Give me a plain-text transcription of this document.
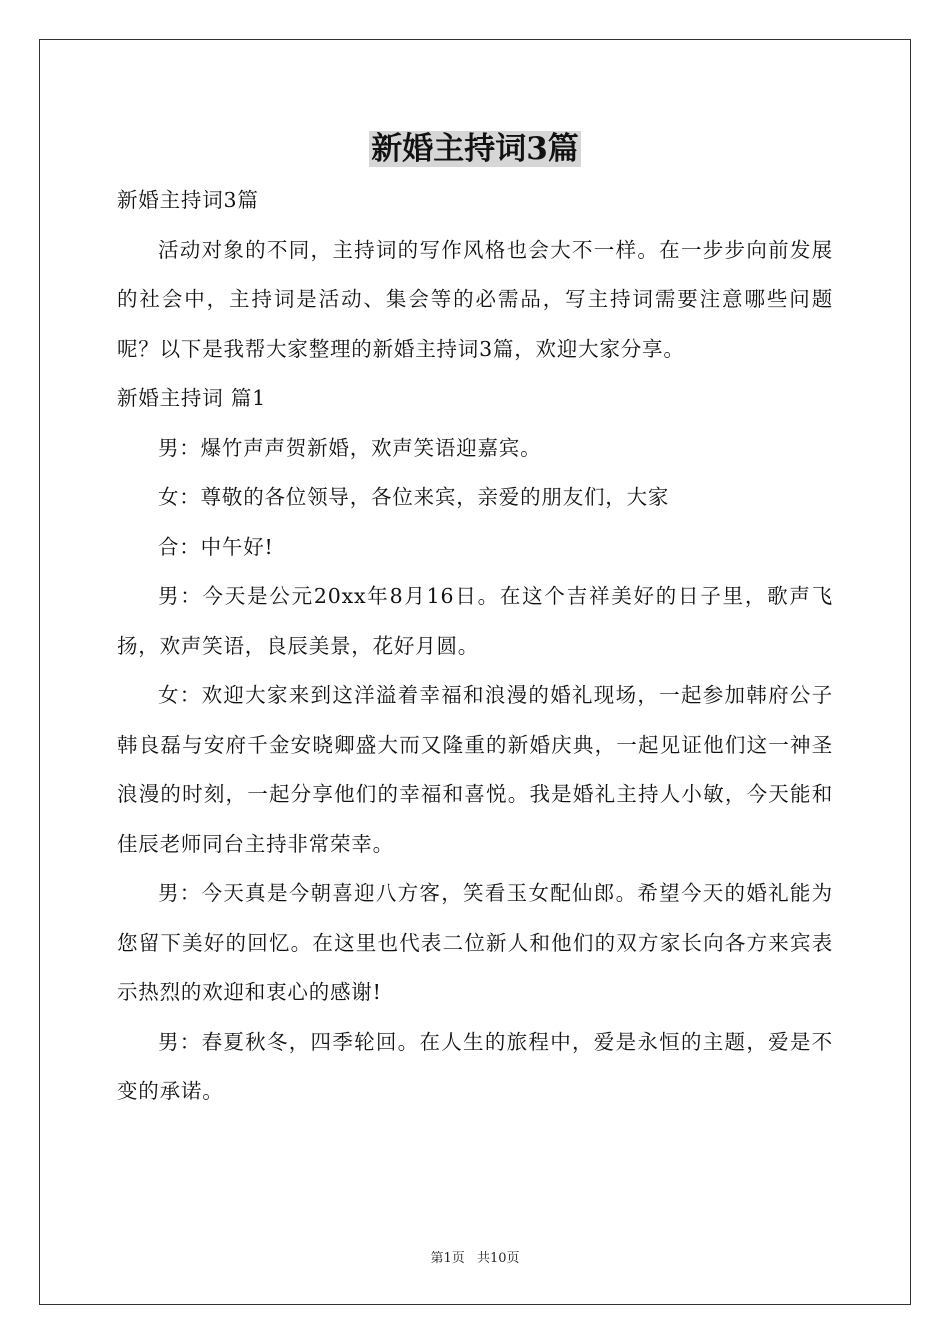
新婚主持词3篇

新婚主持词3篇

活动对象的不同，主持词的写作风格也会大不一样。在一步步向前发展的社会中，主持词是活动、集会等的必需品，写主持词需要注意哪些问题呢？以下是我帮大家整理的新婚主持词3篇，欢迎大家分享。

新婚主持词 篇1

男：爆竹声声贺新婚，欢声笑语迎嘉宾。

女：尊敬的各位领导，各位来宾，亲爱的朋友们，大家

合：中午好!

男：今天是公元20xx年8月16日。在这个吉祥美好的日子里，歌声飞扬，欢声笑语，良辰美景，花好月圆。

女：欢迎大家来到这洋溢着幸福和浪漫的婚礼现场，一起参加韩府公子韩良磊与安府千金安晓卿盛大而又隆重的新婚庆典，一起见证他们这一神圣浪漫的时刻，一起分享他们的幸福和喜悦。我是婚礼主持人小敏，今天能和佳辰老师同台主持非常荣幸。

男：今天真是今朝喜迎八方客，笑看玉女配仙郎。希望今天的婚礼能为您留下美好的回忆。在这里也代表二位新人和他们的双方家长向各方来宾表示热烈的欢迎和衷心的感谢!

男：春夏秋冬，四季轮回。在人生的旅程中，爱是永恒的主题，爱是不变的承诺。

第1页 共10页
